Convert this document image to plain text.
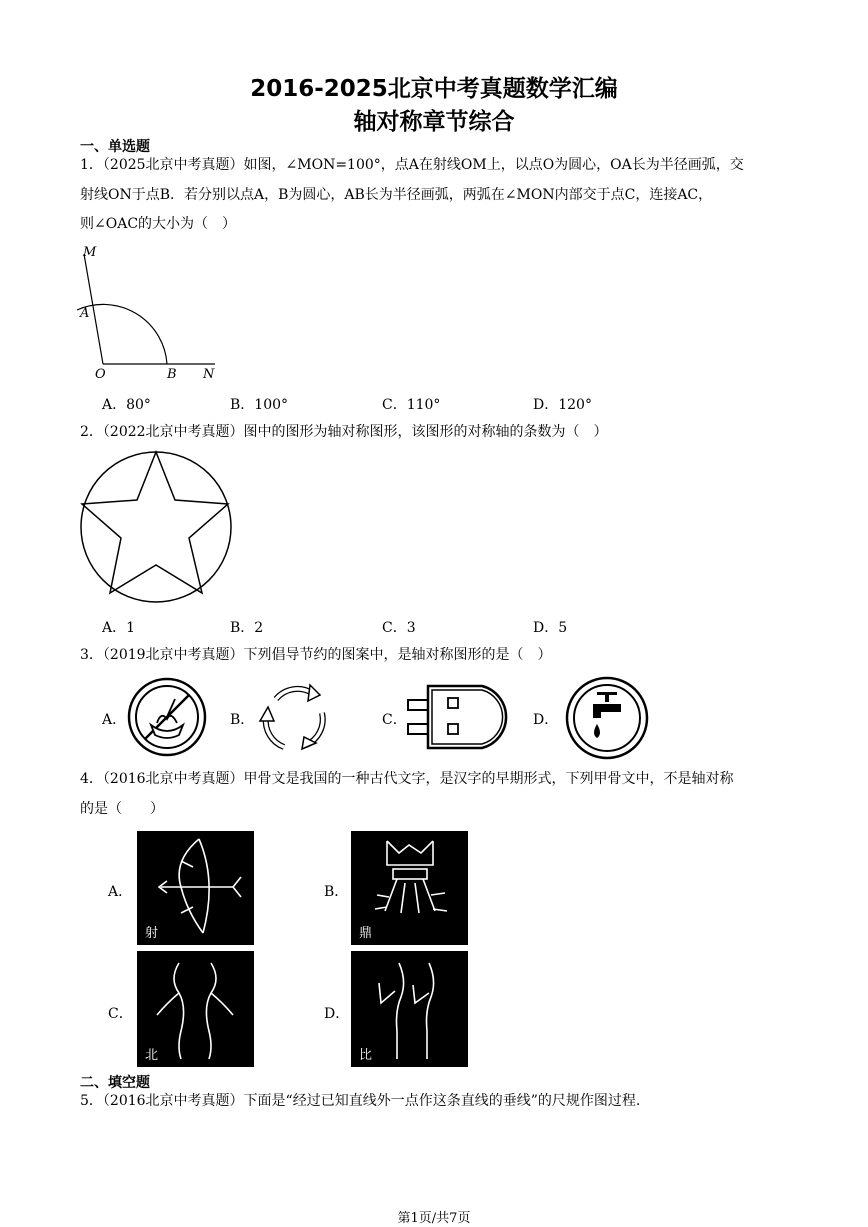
2016-2025北京中考真题数学汇编
轴对称章节综合
一、单选题
1．（2025北京中考真题）如图，∠MON=100°，点A在射线OM上，以点O为圆心，OA长为半径画弧，交
射线ON于点B．若分别以点A，B为圆心，AB长为半径画弧，两弧在∠MON内部交于点C，连接AC，
则∠OAC的大小为（　）
M
A
O	B N
A．80°	B．100°	C．110°	D．120°
2．（2022北京中考真题）图中的图形为轴对称图形，该图形的对称轴的条数为（　）
A．1	B．2	C．3	D．5
3．（2019北京中考真题）下列倡导节约的图案中，是轴对称图形的是（　）
A．	B．	C．	D．
4．（2016北京中考真题）甲骨文是我国的一种古代文字，是汉字的早期形式，下列甲骨文中，不是轴对称
的是（　　）
A．
射
B．
鼎
C．
北
D．
比
二、填空题
5．（2016北京中考真题）下面是“经过已知直线外一点作这条直线的垂线”的尺规作图过程.
第1页/共7页
